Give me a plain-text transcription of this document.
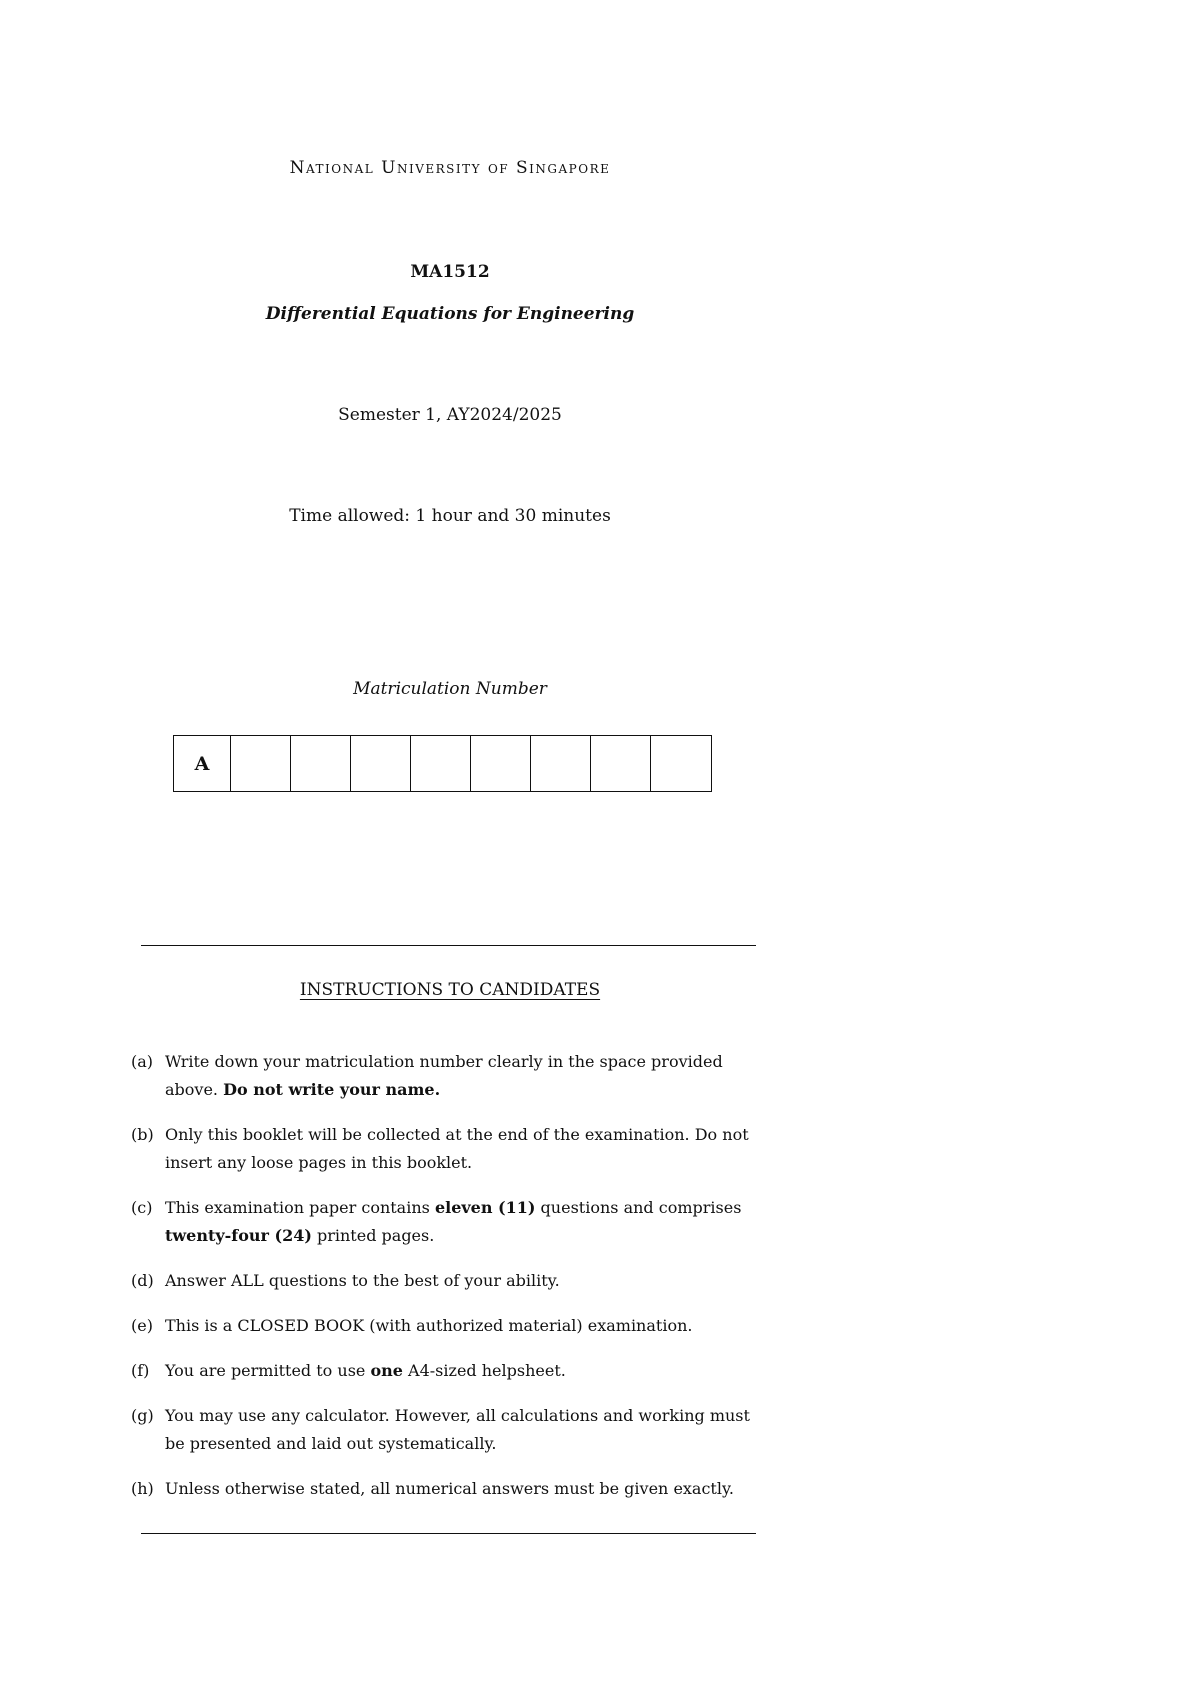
National University of Singapore
MA1512
Differential Equations for Engineering
Semester 1, AY2024/2025
Time allowed: 1 hour and 30 minutes
Matriculation Number
A
INSTRUCTIONS TO CANDIDATES
(a) Write down your matriculation number clearly in the space provided above. Do not write your name.
(b) Only this booklet will be collected at the end of the examination. Do not insert any loose pages in this booklet.
(c) This examination paper contains eleven (11) questions and comprises twenty-four (24) printed pages.
(d) Answer ALL questions to the best of your ability.
(e) This is a CLOSED BOOK (with authorized material) examination.
(f) You are permitted to use one A4-sized helpsheet.
(g) You may use any calculator. However, all calculations and working must be presented and laid out systematically.
(h) Unless otherwise stated, all numerical answers must be given exactly.
